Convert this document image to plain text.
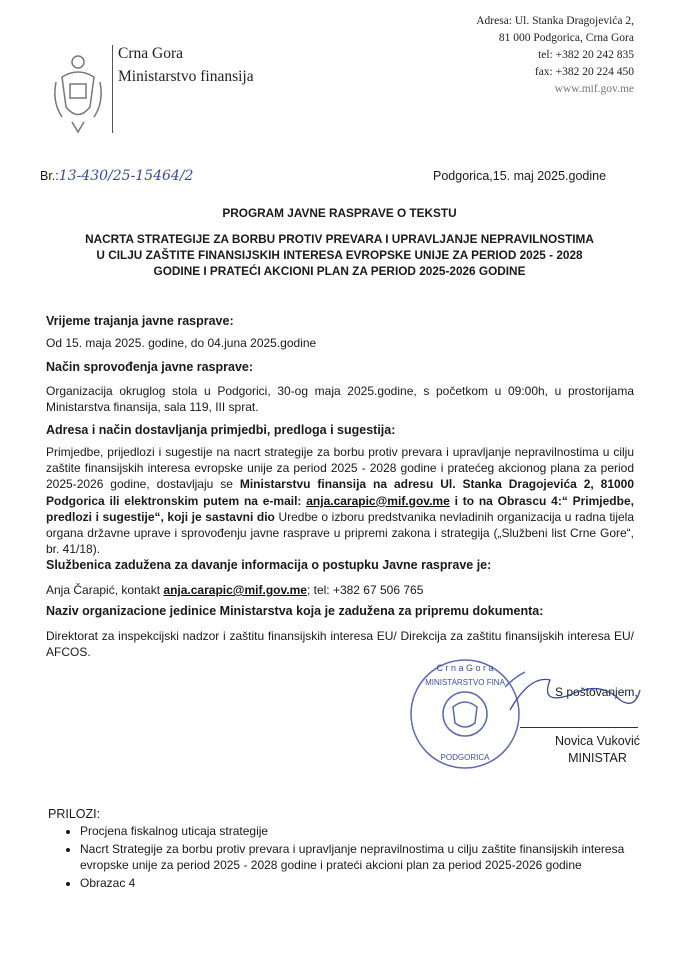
Crna Gora
Ministarstvo finansija
Adresa: Ul. Stanka Dragojevića 2,
81 000 Podgorica, Crna Gora
tel: +382 20 242 835
fax: +382 20 224 450
www.mif.gov.me
Br.:13-430/25-15464/2	Podgorica,15. maj 2025.godine
PROGRAM JAVNE RASPRAVE O TEKSTU
NACRTA STRATEGIJE ZA BORBU PROTIV PREVARA I UPRAVLJANJE NEPRAVILNOSTIMA
U CILJU ZAŠTITE FINANSIJSKIH INTERESA EVROPSKE UNIJE ZA PERIOD 2025 - 2028
GODINE I PRATEĆI AKCIONI PLAN ZA PERIOD 2025-2026 GODINE
Vrijeme trajanja javne rasprave:
Od 15. maja 2025. godine, do 04.juna 2025.godine
Način sprovođenja javne rasprave:
Organizacija okruglog stola u Podgorici, 30-og maja 2025.godine, s početkom u 09:00h, u prostorijama Ministarstva finansija, sala 119, III sprat.
Adresa i način dostavljanja primjedbi, predloga i sugestija:
Primjedbe, prijedlozi i sugestije na nacrt strategije za borbu protiv prevara i upravljanje nepravilnostima u cilju zaštite finansijskih interesa evropske unije za period 2025 - 2028 godine i pratećeg akcionog plana za period 2025-2026 godine, dostavljaju se Ministarstvu finansija na adresu Ul. Stanka Dragojevića 2, 81000 Podgorica ili elektronskim putem na e-mail: anja.carapic@mif.gov.me i to na Obrascu 4:“ Primjedbe, predlozi i sugestije“, koji je sastavni dio Uredbe o izboru predstvanika nevladinih organizacija u radna tijela organa državne uprave i sprovođenju javne rasprave u pripremi zakona i strategija („Službeni list Crne Gore“, br. 41/18).
Službenica zadužena za davanje informacija o postupku Javne rasprave je:
Anja Čarapić, kontakt anja.carapic@mif.gov.me; tel: +382 67 506 765
Naziv organizacione jedinice Ministarstva koja je zadužena za pripremu dokumenta:
Direktorat za inspekcijski nadzor i zaštitu finansijskih interesa EU/ Direkcija za zaštitu finansijskih interesa EU/ AFCOS.
C r n a G o r a
MINISTARSTVO FINA
PODGORICA
S poštovanjem,
Novica Vuković
MINISTAR
PRILOZI:
• Procjena fiskalnog uticaja strategije
• Nacrt Strategije za borbu protiv prevara i upravljanje nepravilnostima u cilju zaštite finansijskih interesa evropske unije za period 2025 - 2028 godine i prateći akcioni plan za period 2025-2026 godine
• Obrazac 4
